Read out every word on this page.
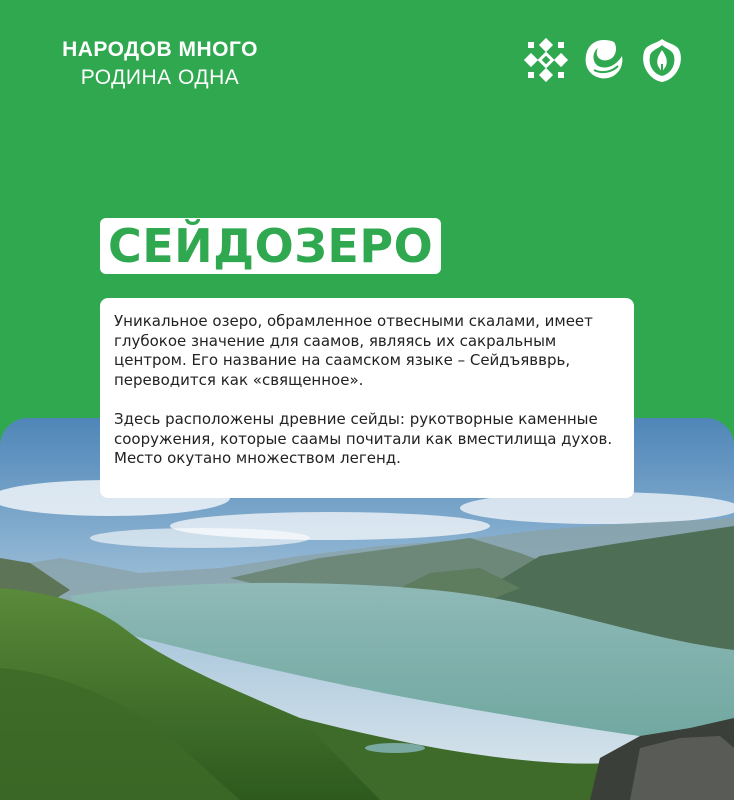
НАРОДОВ МНОГО
РОДИНА ОДНА
СЕЙДОЗЕРО

Уникальное озеро, обрамленное отвесными скалами, имеет глубокое значение для саамов, являясь их сакральным центром. Его название на саамском языке – Сейдъявврь, переводится как «священное».

Здесь расположены древние сейды: рукотворные каменные сооружения, которые саамы почитали как вместилища духов. Место окутано множеством легенд.
